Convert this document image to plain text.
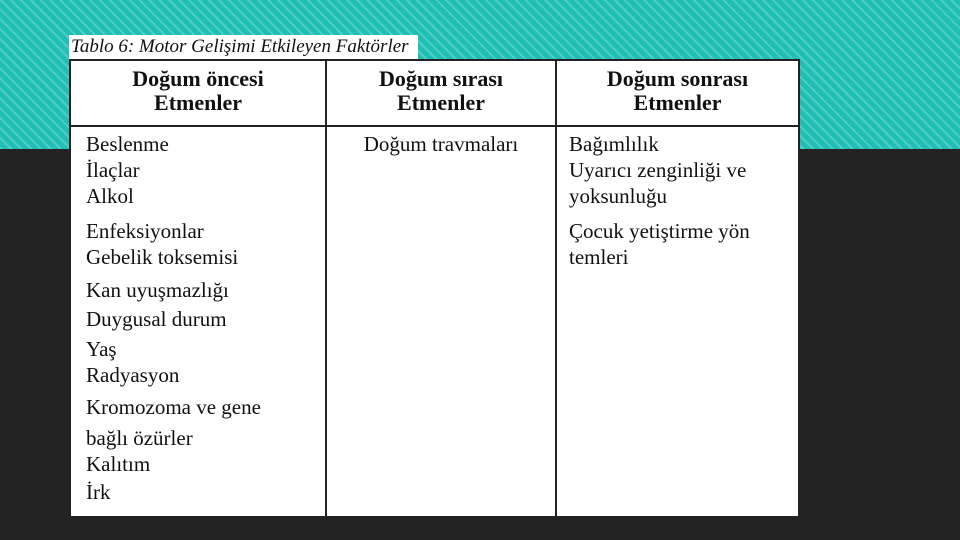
Tablo 6: Motor Gelişimi Etkileyen Faktörler
Doğum öncesi
Etmenler
Doğum sırası
Etmenler
Doğum sonrası
Etmenler
Beslenme
İlaçlar
Alkol
Enfeksiyonlar
Gebelik toksemisi
Kan uyuşmazlığı
Duygusal durum
Yaş
Radyasyon
Kromozoma ve gene
bağlı özürler
Kalıtım
İrk
Doğum travmaları	Bağımlılık
Uyarıcı zenginliği ve
yoksunluğu
Çocuk yetiştirme yön
temleri
